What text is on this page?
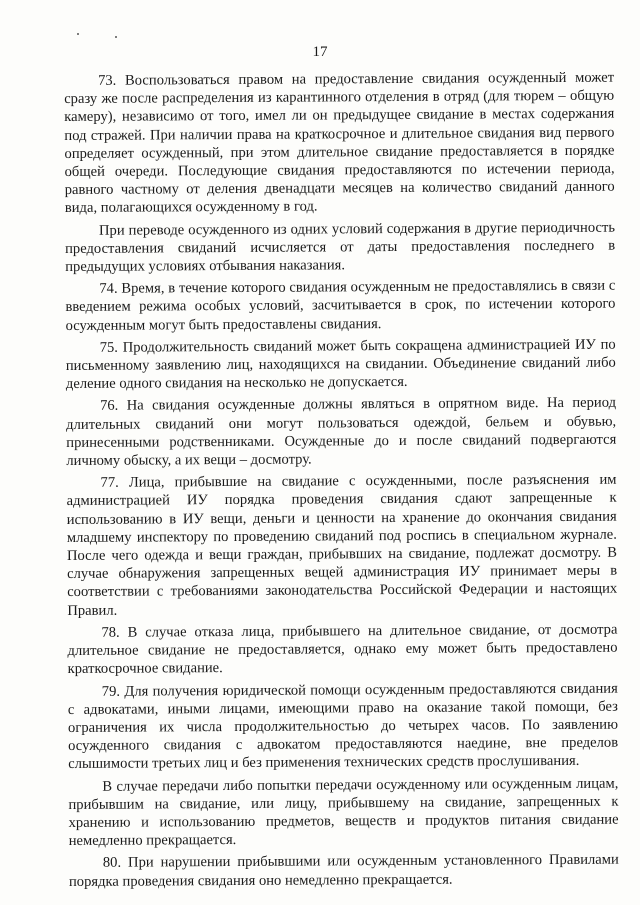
17

73. Воспользоваться правом на предоставление свидания осужденный может сразу же после распределения из карантинного отделения в отряд (для тюрем – общую камеру), независимо от того, имел ли он предыдущее свидание в местах содержания под стражей. При наличии права на краткосрочное и длительное свидания вид первого определяет осужденный, при этом длительное свидание предоставляется в порядке общей очереди. Последующие свидания предоставляются по истечении периода, равного частному от деления двенадцати месяцев на количество свиданий данного вида, полагающихся осужденному в год.

При переводе осужденного из одних условий содержания в другие периодичность предоставления свиданий исчисляется от даты предоставления последнего в предыдущих условиях отбывания наказания.

74. Время, в течение которого свидания осужденным не предоставлялись в связи с введением режима особых условий, засчитывается в срок, по истечении которого осужденным могут быть предоставлены свидания.

75. Продолжительность свиданий может быть сокращена администрацией ИУ по письменному заявлению лиц, находящихся на свидании. Объединение свиданий либо деление одного свидания на несколько не допускается.

76. На свидания осужденные должны являться в опрятном виде. На период длительных свиданий они могут пользоваться одеждой, бельем и обувью, принесенными родственниками. Осужденные до и после свиданий подвергаются личному обыску, а их вещи – досмотру.

77. Лица, прибывшие на свидание с осужденными, после разъяснения им администрацией ИУ порядка проведения свидания сдают запрещенные к использованию в ИУ вещи, деньги и ценности на хранение до окончания свидания младшему инспектору по проведению свиданий под роспись в специальном журнале. После чего одежда и вещи граждан, прибывших на свидание, подлежат досмотру. В случае обнаружения запрещенных вещей администрация ИУ принимает меры в соответствии с требованиями законодательства Российской Федерации и настоящих Правил.

78. В случае отказа лица, прибывшего на длительное свидание, от досмотра длительное свидание не предоставляется, однако ему может быть предоставлено краткосрочное свидание.

79. Для получения юридической помощи осужденным предоставляются свидания с адвокатами, иными лицами, имеющими право на оказание такой помощи, без ограничения их числа продолжительностью до четырех часов. По заявлению осужденного свидания с адвокатом предоставляются наедине, вне пределов слышимости третьих лиц и без применения технических средств прослушивания.

В случае передачи либо попытки передачи осужденному или осужденным лицам, прибывшим на свидание, или лицу, прибывшему на свидание, запрещенных к хранению и использованию предметов, веществ и продуктов питания свидание немедленно прекращается.

80. При нарушении прибывшими или осужденным установленного Правилами порядка проведения свидания оно немедленно прекращается.
